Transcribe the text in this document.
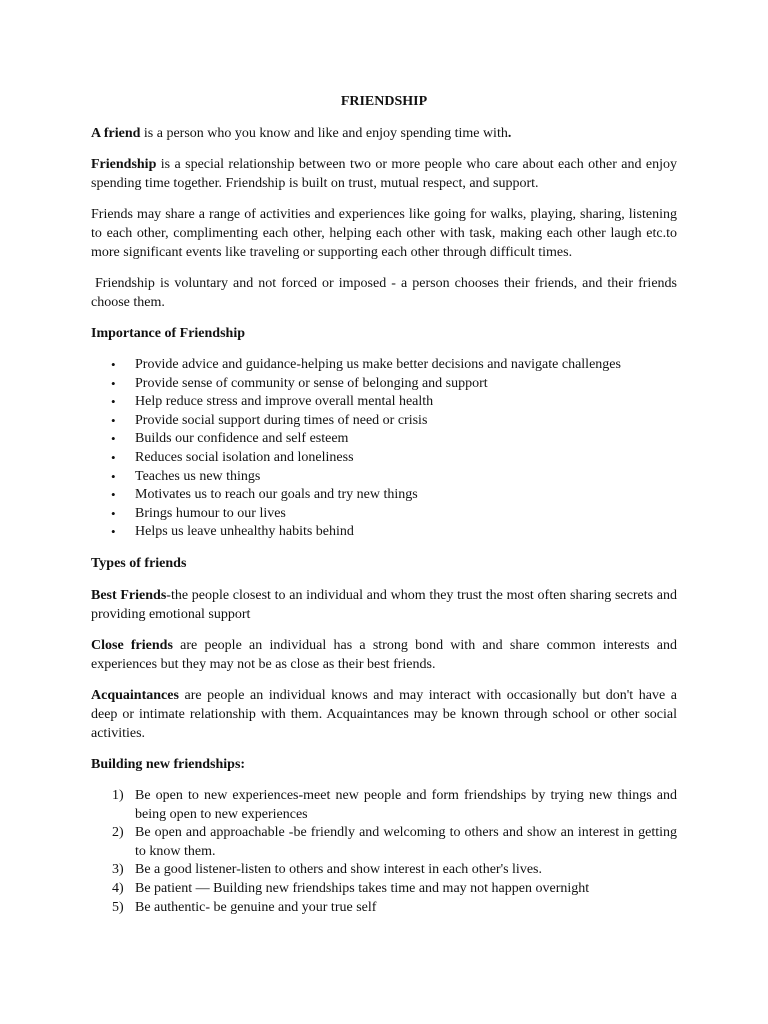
FRIENDSHIP

A friend is a person who you know and like and enjoy spending time with.

Friendship is a special relationship between two or more people who care about each other and enjoy spending time together. Friendship is built on trust, mutual respect, and support.

Friends may share a range of activities and experiences like going for walks, playing, sharing, listening to each other, complimenting each other, helping each other with task, making each other laugh etc.to more significant events like traveling or supporting each other through difficult times.

Friendship is voluntary and not forced or imposed - a person chooses their friends, and their friends choose them.

Importance of Friendship
• Provide advice and guidance-helping us make better decisions and navigate challenges
• Provide sense of community or sense of belonging and support
• Help reduce stress and improve overall mental health
• Provide social support during times of need or crisis
• Builds our confidence and self esteem
• Reduces social isolation and loneliness
• Teaches us new things
• Motivates us to reach our goals and try new things
• Brings humour to our lives
• Helps us leave unhealthy habits behind
Types of friends

Best Friends-the people closest to an individual and whom they trust the most often sharing secrets and providing emotional support

Close friends are people an individual has a strong bond with and share common interests and experiences but they may not be as close as their best friends.

Acquaintances are people an individual knows and may interact with occasionally but don't have a deep or intimate relationship with them. Acquaintances may be known through school or other social activities.

Building new friendships:
1) Be open to new experiences-meet new people and form friendships by trying new things and being open to new experiences
2) Be open and approachable -be friendly and welcoming to others and show an interest in getting to know them.
3) Be a good listener-listen to others and show interest in each other's lives.
4) Be patient — Building new friendships takes time and may not happen overnight
5) Be authentic- be genuine and your true self
